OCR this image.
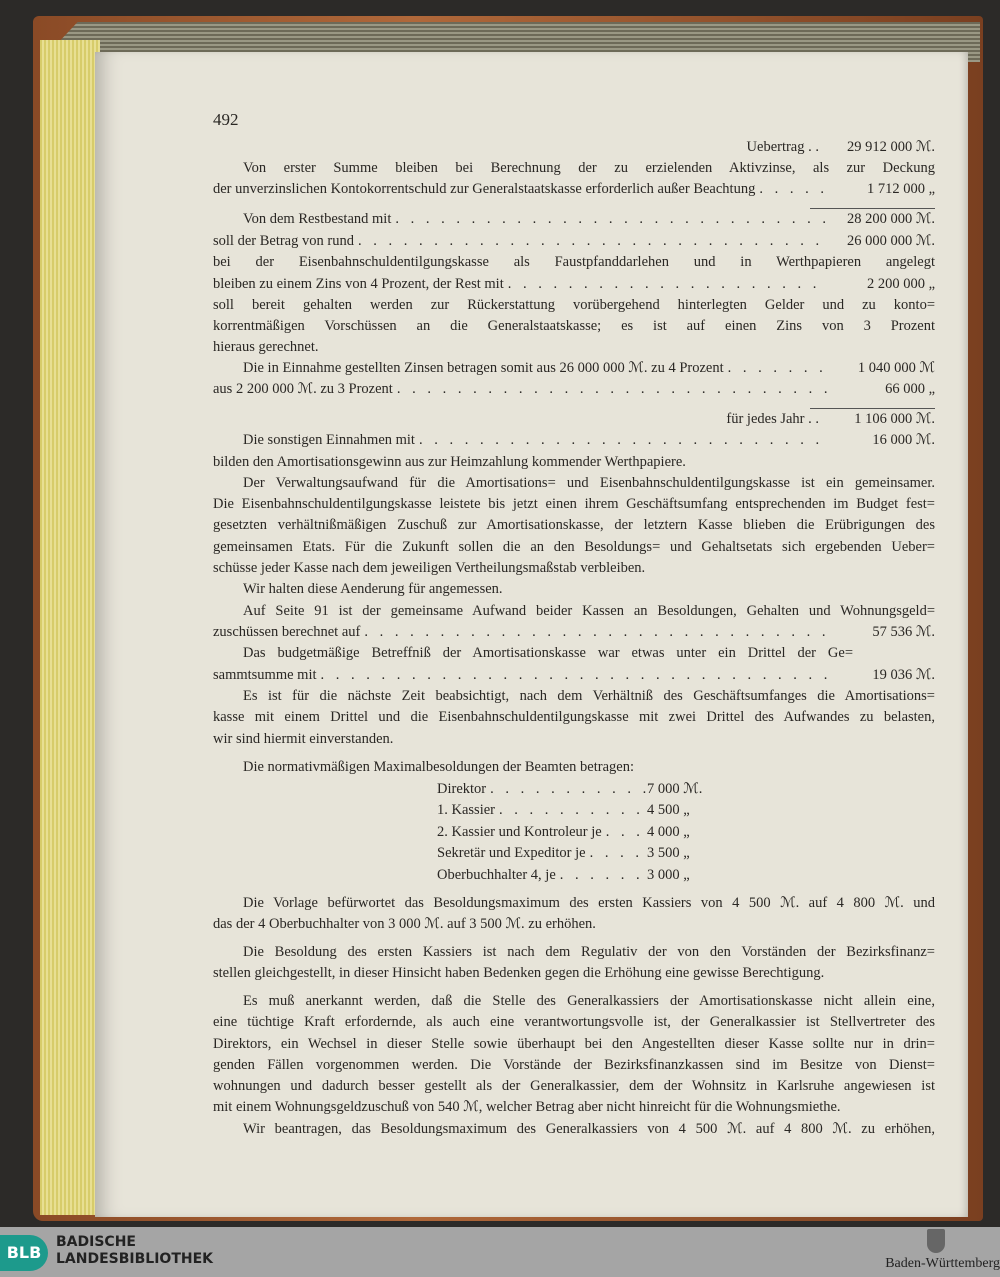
492
Uebertrag . .	29 912 000 ℳ.
Von erster Summe bleiben bei Berechnung der zu erzielenden Aktivzinse, als zur Deckung
der unverzinslichen Kontokorrentschuld zur Generalstaatskasse erforderlich außer Beachtung . . .	1 712 000 „
Von dem Restbestand mit . . .	28 200 000 ℳ.
soll der Betrag von rund . . .	26 000 000 ℳ.
bei der Eisenbahnschuldentilgungskasse als Faustpfanddarlehen und in Werthpapieren angelegt
bleiben zu einem Zins von 4 Prozent, der Rest mit . . .	2 200 000 „
soll bereit gehalten werden zur Rückerstattung vorübergehend hinterlegten Gelder und zu konto=
korrentmäßigen Vorschüssen an die Generalstaatskasse; es ist auf einen Zins von 3 Prozent
hieraus gerechnet.
Die in Einnahme gestellten Zinsen betragen somit aus 26 000 000 ℳ. zu 4 Prozent . . .	1 040 000 ℳ
aus 2 200 000 ℳ. zu 3 Prozent . . .	66 000 „
für jedes Jahr . .	1 106 000 ℳ.
Die sonstigen Einnahmen mit . . .	16 000 ℳ.
bilden den Amortisationsgewinn aus zur Heimzahlung kommender Werthpapiere.
Der Verwaltungsaufwand für die Amortisations= und Eisenbahnschuldentilgungskasse ist ein gemeinsamer.
Die Eisenbahnschuldentilgungskasse leistete bis jetzt einen ihrem Geschäftsumfang entsprechenden im Budget fest=
gesetzten verhältnißmäßigen Zuschuß zur Amortisationskasse, der letztern Kasse blieben die Erübrigungen des
gemeinsamen Etats. Für die Zukunft sollen die an den Besoldungs= und Gehaltsetats sich ergebenden Ueber=
schüsse jeder Kasse nach dem jeweiligen Vertheilungsmaßstab verbleiben.
Wir halten diese Aenderung für angemessen.
Auf Seite 91 ist der gemeinsame Aufwand beider Kassen an Besoldungen, Gehalten und Wohnungsgeld=
zuschüssen berechnet auf . . .	57 536 ℳ.
Das budgetmäßige Betreffniß der Amortisationskasse war etwas unter ein Drittel der Ge=
sammtsumme mit . . .	19 036 ℳ.
Es ist für die nächste Zeit beabsichtigt, nach dem Verhältniß des Geschäftsumfanges die Amortisations=
kasse mit einem Drittel und die Eisenbahnschuldentilgungskasse mit zwei Drittel des Aufwandes zu belasten,
wir sind hiermit einverstanden.
Die normativmäßigen Maximalbesoldungen der Beamten betragen:
Die Vorlage befürwortet das Besoldungsmaximum des ersten Kassiers von 4 500 ℳ. auf 4 800 ℳ. und
das der 4 Oberbuchhalter von 3 000 ℳ. auf 3 500 ℳ. zu erhöhen.
Die Besoldung des ersten Kassiers ist nach dem Regulativ der von den Vorständen der Bezirksfinanz=
stellen gleichgestellt, in dieser Hinsicht haben Bedenken gegen die Erhöhung eine gewisse Berechtigung.
Es muß anerkannt werden, daß die Stelle des Generalkassiers der Amortisationskasse nicht allein eine,
eine tüchtige Kraft erfordernde, als auch eine verantwortungsvolle ist, der Generalkassier ist Stellvertreter des
Direktors, ein Wechsel in dieser Stelle sowie überhaupt bei den Angestellten dieser Kasse sollte nur in drin=
genden Fällen vorgenommen werden. Die Vorstände der Bezirksfinanzkassen sind im Besitze von Dienst=
wohnungen und dadurch besser gestellt als der Generalkassier, dem der Wohnsitz in Karlsruhe angewiesen ist
mit einem Wohnungsgeldzuschuß von 540 ℳ, welcher Betrag aber nicht hinreicht für die Wohnungsmiethe.
Wir beantragen, das Besoldungsmaximum des Generalkassiers von 4 500 ℳ. auf 4 800 ℳ. zu erhöhen,
Direktor . . .	7 000 ℳ.
1. Kassier . . .	4 500 „
2. Kassier und Kontroleur je . . .	4 000 „
Sekretär und Expeditor je . . .	3 500 „
Oberbuchhalter 4, je . . .	3 000 „
BLB
BADISCHE
LANDESBIBLIOTHEK	Baden-Württemberg
